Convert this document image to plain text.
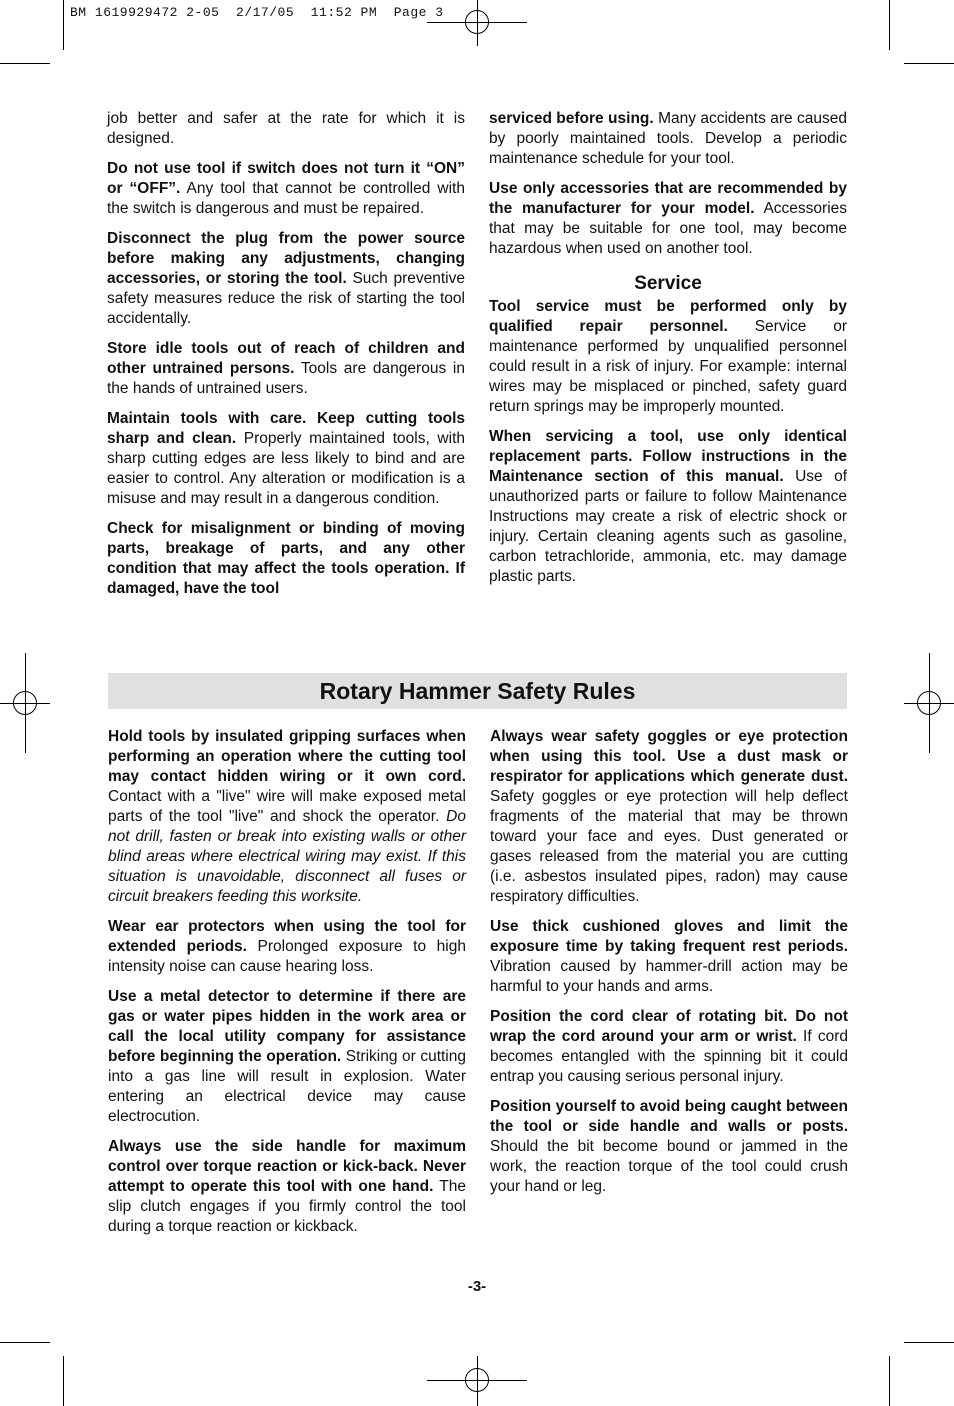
BM 1619929472 2-05  2/17/05  11:52 PM  Page 3

job better and safer at the rate for which it is designed.

Do not use tool if switch does not turn it “ON” or “OFF”. Any tool that cannot be controlled with the switch is dangerous and must be repaired.

Disconnect the plug from the power source before making any adjustments, changing accessories, or storing the tool. Such preventive safety measures reduce the risk of starting the tool accidentally.

Store idle tools out of reach of children and other untrained persons. Tools are dangerous in the hands of untrained users.

Maintain tools with care. Keep cutting tools sharp and clean. Properly maintained tools, with sharp cutting edges are less likely to bind and are easier to control. Any alteration or modification is a misuse and may result in a dangerous condition.

Check for misalignment or binding of moving parts, breakage of parts, and any other condition that may affect the tools operation. If damaged, have the tool

serviced before using. Many accidents are caused by poorly maintained tools. Develop a periodic maintenance schedule for your tool.

Use only accessories that are recommended by the manufacturer for your model. Accessories that may be suitable for one tool, may become hazardous when used on another tool.

Service

Tool service must be performed only by qualified repair personnel. Service or maintenance performed by unqualified personnel could result in a risk of injury. For example: internal wires may be misplaced or pinched, safety guard return springs may be improperly mounted.

When servicing a tool, use only identical replacement parts. Follow instructions in the Maintenance section of this manual. Use of unauthorized parts or failure to follow Maintenance Instructions may create a risk of electric shock or injury. Certain cleaning agents such as gasoline, carbon tetrachloride, ammonia, etc. may damage plastic parts.

Rotary Hammer Safety Rules

Hold tools by insulated gripping surfaces when performing an operation where the cutting tool may contact hidden wiring or it own cord. Contact with a "live" wire will make exposed metal parts of the tool "live" and shock the operator. Do not drill, fasten or break into existing walls or other blind areas where electrical wiring may exist. If this situation is unavoidable, disconnect all fuses or circuit breakers feeding this worksite.

Wear ear protectors when using the tool for extended periods. Prolonged exposure to high intensity noise can cause hearing loss.

Use a metal detector to determine if there are gas or water pipes hidden in the work area or call the local utility company for assistance before beginning the operation. Striking or cutting into a gas line will result in explosion. Water entering an electrical device may cause electrocution.

Always use the side handle for maximum control over torque reaction or kick-back. Never attempt to operate this tool with one hand. The slip clutch engages if you firmly control the tool during a torque reaction or kickback.

Always wear safety goggles or eye protection when using this tool. Use a dust mask or respirator for applications which generate dust. Safety goggles or eye protection will help deflect fragments of the material that may be thrown toward your face and eyes. Dust generated or gases released from the material you are cutting (i.e. asbestos insulated pipes, radon) may cause respiratory difficulties.

Use thick cushioned gloves and limit the exposure time by taking frequent rest periods. Vibration caused by hammer-drill action may be harmful to your hands and arms.

Position the cord clear of rotating bit. Do not wrap the cord around your arm or wrist. If cord becomes entangled with the spinning bit it could entrap you causing serious personal injury.

Position yourself to avoid being caught between the tool or side handle and walls or posts. Should the bit become bound or jammed in the work, the reaction torque of the tool could crush your hand or leg.

-3-
